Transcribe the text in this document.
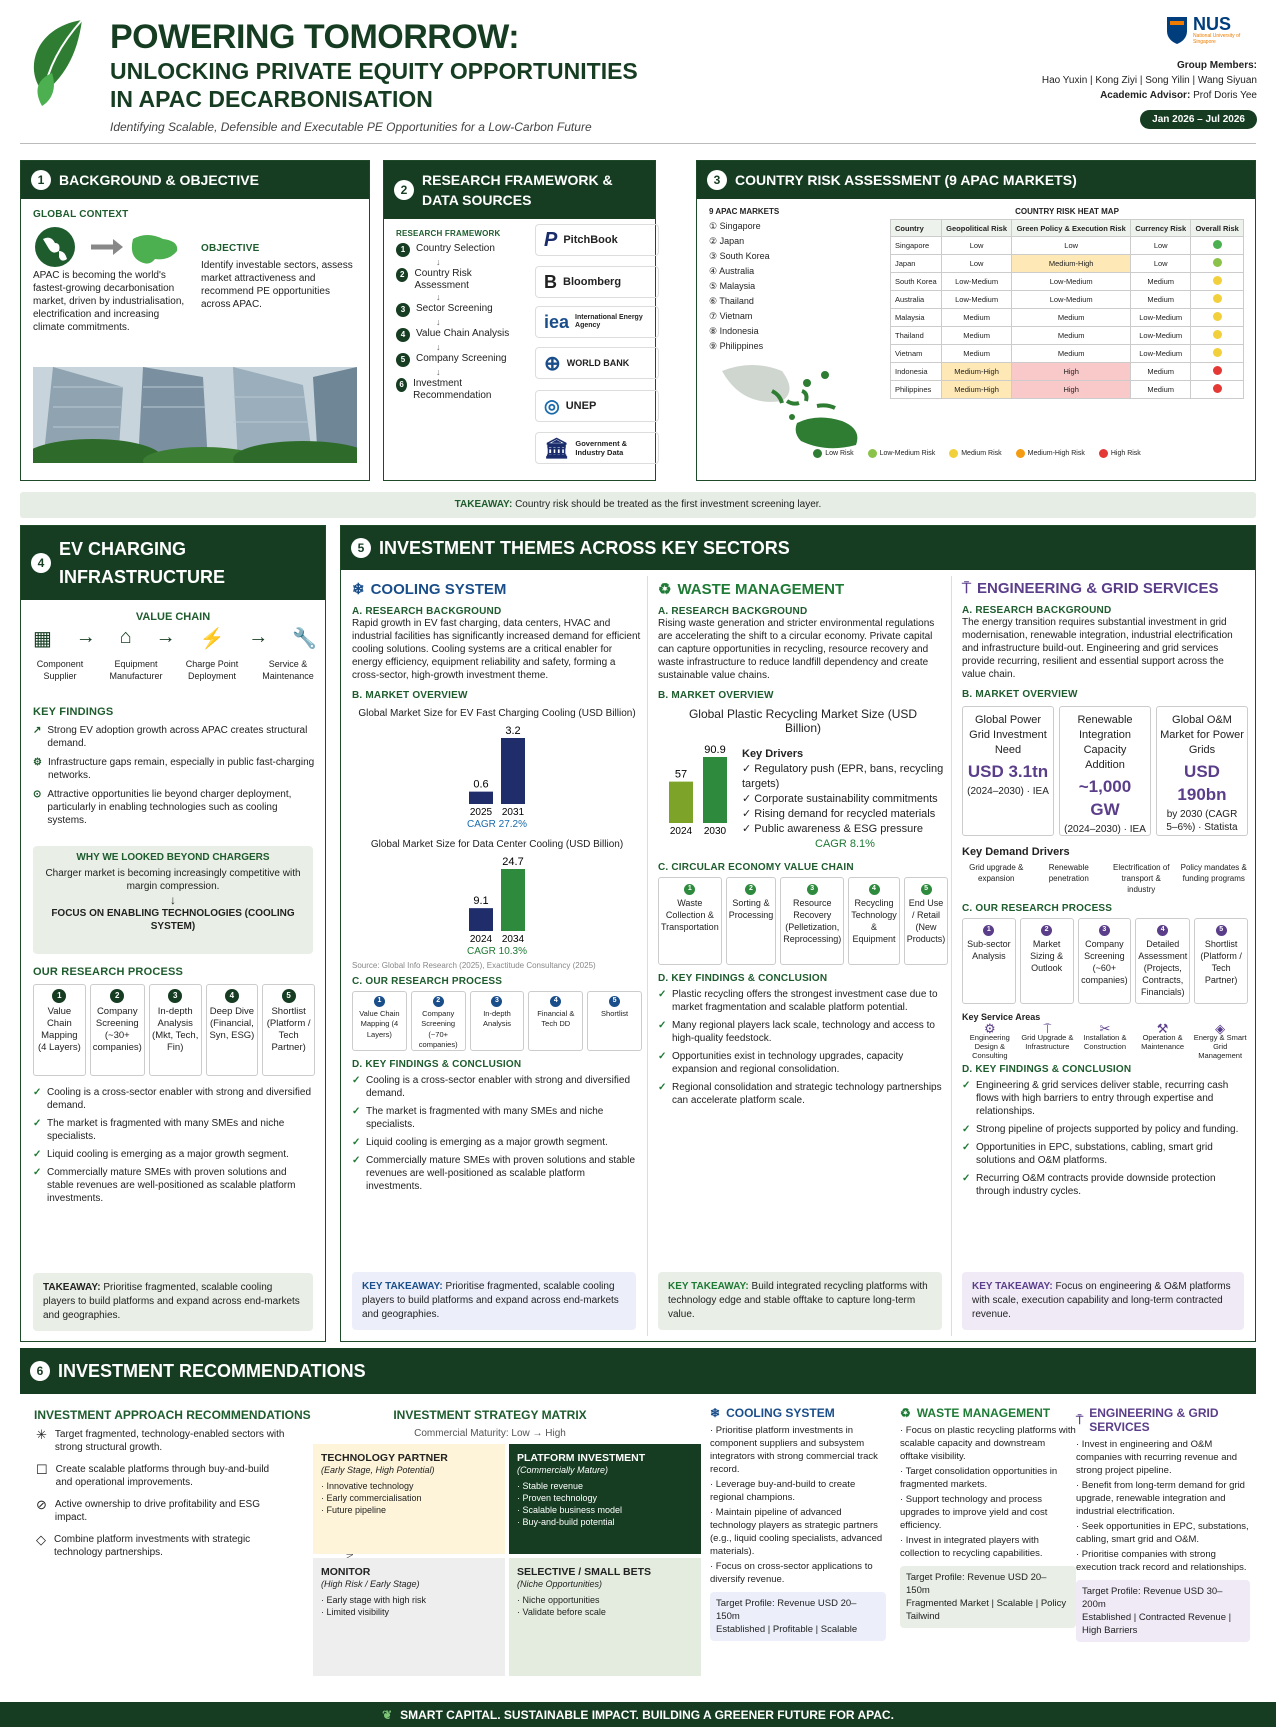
POWERING TOMORROW:
UNLOCKING PRIVATE EQUITY OPPORTUNITIES
IN APAC DECARBONISATION
Identifying Scalable, Defensible and Executable PE Opportunities for a Low-Carbon Future
NUS
National University of Singapore
Group Members:
Hao Yuxin | Kong Ziyi | Song Yilin | Wang Siyuan
Academic Advisor: Prof Doris Yee
Jan 2026 – Jul 2026
1	BACKGROUND & OBJECTIVE
GLOBAL CONTEXT
APAC is becoming the world's fastest-growing decarbonisation market, driven by industrialisation, electrification and increasing climate commitments.
OBJECTIVE
Identify investable sectors, assess market attractiveness and recommend PE opportunities across APAC.
2
RESEARCH FRAMEWORK & DATA SOURCES
RESEARCH FRAMEWORK
1	Country Selection
↓
2	Country Risk Assessment
↓
3	Sector Screening
↓
4	Value Chain Analysis
↓
5	Company Screening
↓
6 Investment Recommendation
P PitchBook
B Bloomberg
iea International Energy Agency
⊕ WORLD BANK
◎ UNEP
🏛 Government & Industry Data
3	COUNTRY RISK ASSESSMENT (9 APAC MARKETS)
9 APAC MARKETS
① Singapore
② Japan
③ South Korea
④ Australia
⑤ Malaysia
⑥ Thailand
⑦ Vietnam
⑧ Indonesia
⑨ Philippines
COUNTRY RISK HEAT MAP
Country	Geopolitical Risk	Green Policy & Execution Risk	Currency Risk	Overall Risk
Singapore	Low	Low	Low	
Japan	Low	Medium-High	Low	
South Korea	Low-Medium	Low-Medium	Medium	
Australia	Low-Medium	Low-Medium	Medium	
Malaysia	Medium	Medium	Low-Medium	
Thailand	Medium	Medium	Low-Medium	
Vietnam	Medium	Medium	Low-Medium	
Indonesia	Medium-High	High	Medium	
Philippines	Medium-High	High	Medium	
Low Risk	Low-Medium Risk	Medium Risk	Medium-High Risk	High Risk
TAKEAWAY: Country risk should be treated as the first investment screening layer.
4
EV CHARGING INFRASTRUCTURE
VALUE CHAIN
▦ → ⌂ → ⚡ → 🔧
Component Supplier
Equipment Manufacturer
Charge Point Deployment
Service & Maintenance
KEY FINDINGS
↗ Strong EV adoption growth across APAC creates structural demand.
⚙ Infrastructure gaps remain, especially in public fast-charging networks.
⊙ Attractive opportunities lie beyond charger deployment, particularly in enabling technologies such as cooling systems.
WHY WE LOOKED BEYOND CHARGERS
Charger market is becoming increasingly competitive with margin compression.
↓
FOCUS ON ENABLING TECHNOLOGIES (COOLING SYSTEM)
OUR RESEARCH PROCESS
1
Value Chain Mapping (4 Layers)
2
Company Screening (~30+ companies)
3
In-depth Analysis (Mkt, Tech, Fin)
4
Deep Dive (Financial, Syn, ESG)
5
Shortlist (Platform / Tech Partner)
✓ Cooling is a cross-sector enabler with strong and diversified demand.
✓ The market is fragmented with many SMEs and niche specialists.
✓ Liquid cooling is emerging as a major growth segment.
✓ Commercially mature SMEs with proven solutions and stable revenues are well-positioned as scalable platform investments.
TAKEAWAY: Prioritise fragmented, scalable cooling players to build platforms and expand across end-markets and geographies.
5 INVESTMENT THEMES ACROSS KEY SECTORS
❄ COOLING SYSTEM
A. RESEARCH BACKGROUND
Rapid growth in EV fast charging, data centers, HVAC and industrial facilities has significantly increased demand for efficient cooling solutions. Cooling systems are a critical enabler for energy efficiency, equipment reliability and safety, forming a cross-sector, high-growth investment theme.
B. MARKET OVERVIEW
Global Market Size for EV Fast Charging Cooling (USD Billion)
0.6
2025
3.2
2031
CAGR 27.2%
Global Market Size for Data Center Cooling (USD Billion)
9.1
2024
24.7
2034
CAGR 10.3%
Source: Global Info Research (2025), Exactitude Consultancy (2025)
C. OUR RESEARCH PROCESS
1
Value Chain Mapping (4 Layers)
2
Company Screening (~70+ companies)
3
In-depth Analysis
4
Financial & Tech DD
5
Shortlist
D. KEY FINDINGS & CONCLUSION
✓ Cooling is a cross-sector enabler with strong and diversified demand.
✓ The market is fragmented with many SMEs and niche specialists.
✓ Liquid cooling is emerging as a major growth segment.
✓ Commercially mature SMEs with proven solutions and stable revenues are well-positioned as scalable platform investments.
KEY TAKEAWAY: Prioritise fragmented, scalable cooling players to build platforms and expand across end-markets and geographies.
♻ WASTE MANAGEMENT
A. RESEARCH BACKGROUND
Rising waste generation and stricter environmental regulations are accelerating the shift to a circular economy. Private capital can capture opportunities in recycling, resource recovery and waste infrastructure to reduce landfill dependency and create sustainable value chains.
B. MARKET OVERVIEW
Global Plastic Recycling Market Size (USD Billion)
57
2024
90.9
2030
Key Drivers
✓ Regulatory push (EPR, bans, recycling targets)
✓ Corporate sustainability commitments
✓ Rising demand for recycled materials
✓ Public awareness & ESG pressure
CAGR 8.1%
C. CIRCULAR ECONOMY VALUE CHAIN
1
Waste Collection & Transportation
2
Sorting & Processing
3
Resource Recovery (Pelletization, Reprocessing)
4
Recycling Technology & Equipment
5
End Use / Retail (New Products)
D. KEY FINDINGS & CONCLUSION
✓ Plastic recycling offers the strongest investment case due to market fragmentation and scalable platform potential.
✓ Many regional players lack scale, technology and access to high-quality feedstock.
✓ Opportunities exist in technology upgrades, capacity expansion and regional consolidation.
✓ Regional consolidation and strategic technology partnerships can accelerate platform scale.
KEY TAKEAWAY: Build integrated recycling platforms with technology edge and stable offtake to capture long-term value.
⍑ ENGINEERING & GRID SERVICES
A. RESEARCH BACKGROUND
The energy transition requires substantial investment in grid modernisation, renewable integration, industrial electrification and infrastructure build-out. Engineering and grid services provide recurring, resilient and essential support across the value chain.
B. MARKET OVERVIEW
Global Power Grid Investment Need
USD 3.1tn
(2024–2030) · IEA
Renewable Integration Capacity Addition
~1,000 GW
(2024–2030) · IEA
Global O&M Market for Power Grids
USD 190bn
by 2030 (CAGR 5–6%) · Statista
Key Demand Drivers
Grid upgrade & expansion
Renewable penetration
Electrification of transport & industry
Policy mandates & funding programs
C. OUR RESEARCH PROCESS
1
Sub-sector Analysis
2
Market Sizing & Outlook
3
Company Screening (~60+ companies)
4
Detailed Assessment (Projects, Contracts, Financials)
5
Shortlist (Platform / Tech Partner)
Key Service Areas
⚙
Engineering Design & Consulting
⍑
Grid Upgrade & Infrastructure
✂
Installation & Construction
⚒
Operation & Maintenance
◈
Energy & Smart Grid Management
D. KEY FINDINGS & CONCLUSION
✓ Engineering & grid services deliver stable, recurring cash flows with high barriers to entry through expertise and relationships.
✓ Strong pipeline of projects supported by policy and funding.
✓ Opportunities in EPC, substations, cabling, smart grid solutions and O&M platforms.
✓ Recurring O&M contracts provide downside protection through industry cycles.
KEY TAKEAWAY: Focus on engineering & O&M platforms with scale, execution capability and long-term contracted revenue.
6 INVESTMENT RECOMMENDATIONS
INVESTMENT APPROACH RECOMMENDATIONS
✳ Target fragmented, technology-enabled sectors with strong structural growth.
☐ Create scalable platforms through buy-and-build and operational improvements.
⊘ Active ownership to drive profitability and ESG impact.
◇ Combine platform investments with strategic technology partnerships.
INVESTMENT STRATEGY MATRIX
Commercial Maturity: Low → High
TECHNOLOGY PARTNER
(Early Stage, High Potential)
· Innovative technology
· Early commercialisation
· Future pipeline
PLATFORM INVESTMENT
(Commercially Mature)
· Stable revenue
· Proven technology
· Scalable business model
· Buy-and-build potential
MONITOR
(High Risk / Early Stage)
· Early stage with high risk
· Limited visibility
SELECTIVE / SMALL BETS
(Niche Opportunities)
· Niche opportunities
· Validate before scale
❄ COOLING SYSTEM
· Prioritise platform investments in component suppliers and subsystem integrators with strong commercial track record.
· Leverage buy-and-build to create regional champions.
· Maintain pipeline of advanced technology players as strategic partners (e.g., liquid cooling specialists, advanced materials).
· Focus on cross-sector applications to diversify revenue.
Target Profile: Revenue USD 20–150m
Established | Profitable | Scalable
♻ WASTE MANAGEMENT
· Focus on plastic recycling platforms with scalable capacity and downstream offtake visibility.
· Target consolidation opportunities in fragmented markets.
· Support technology and process upgrades to improve yield and cost efficiency.
· Invest in integrated players with collection to recycling capabilities.
Target Profile: Revenue USD 20–150m
Fragmented Market | Scalable | Policy Tailwind
⍑ ENGINEERING & GRID SERVICES
· Invest in engineering and O&M companies with recurring revenue and strong project pipeline.
· Benefit from long-term demand for grid upgrade, renewable integration and industrial electrification.
· Seek opportunities in EPC, substations, cabling, smart grid and O&M.
· Prioritise companies with strong execution track record and relationships.
Target Profile: Revenue USD 30–200m
Established | Contracted Revenue | High Barriers
❦ SMART CAPITAL. SUSTAINABLE IMPACT. BUILDING A GREENER FUTURE FOR APAC.
